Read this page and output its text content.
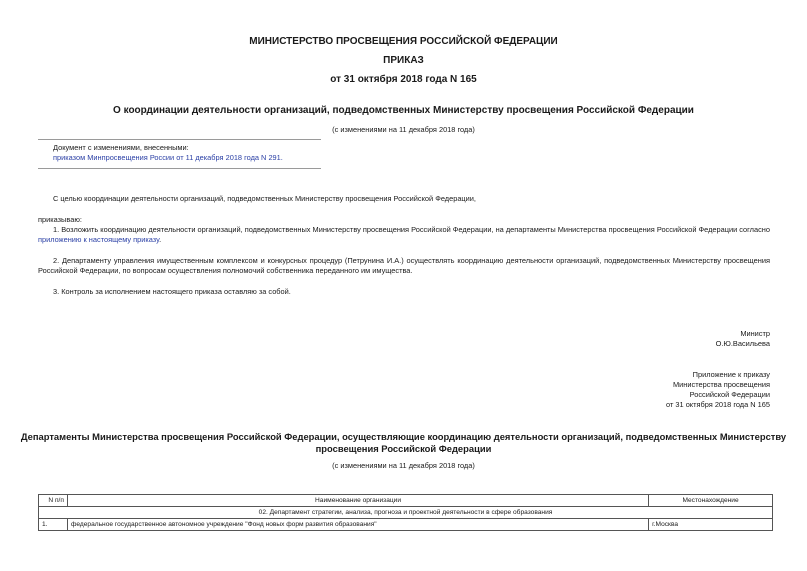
МИНИСТЕРСТВО ПРОСВЕЩЕНИЯ РОССИЙСКОЙ ФЕДЕРАЦИИ
ПРИКАЗ
от 31 октября 2018 года N 165
О координации деятельности организаций, подведомственных Министерству просвещения Российской Федерации
(с изменениями на 11 декабря 2018 года)
Документ с изменениями, внесенными:
приказом Минпросвещения России от 11 декабря 2018 года N 291.
С целью координации деятельности организаций, подведомственных Министерству просвещения Российской Федерации,
приказываю:
1. Возложить координацию деятельности организаций, подведомственных Министерству просвещения Российской Федерации, на департаменты Министерства просвещения Российской Федерации согласно приложению к настоящему приказу.
2. Департаменту управления имущественным комплексом и конкурсных процедур (Петрунина И.А.) осуществлять координацию деятельности организаций, подведомственных Министерству просвещения Российской Федерации, по вопросам осуществления полномочий собственника переданного им имущества.
3. Контроль за исполнением настоящего приказа оставляю за собой.
Министр
О.Ю.Васильева
Приложение к приказу
Министерства просвещения
Российской Федерации
от 31 октября 2018 года N 165
Департаменты Министерства просвещения Российской Федерации, осуществляющие координацию деятельности организаций, подведомственных Министерству
просвещения Российской Федерации
(с изменениями на 11 декабря 2018 года)
N п/п	Наименование организации	Местонахождение
02. Департамент стратегии, анализа, прогноза и проектной деятельности в сфере образования		
1.	федеральное государственное автономное учреждение "Фонд новых форм развития образования"	г.Москва
